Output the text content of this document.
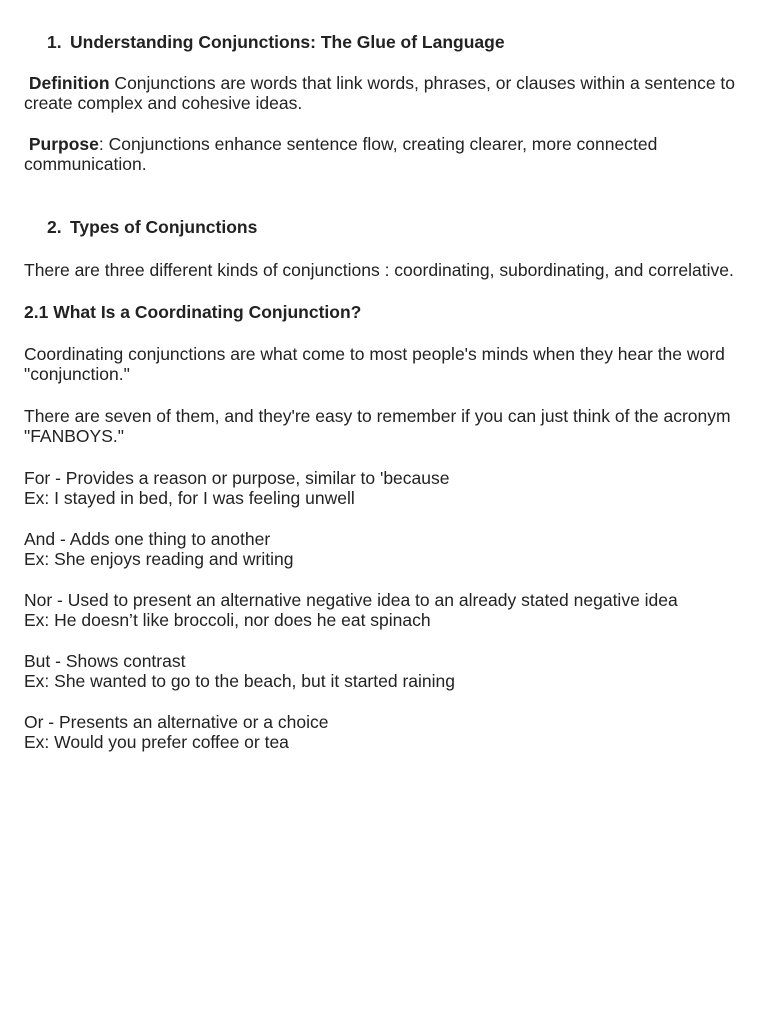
1. Understanding Conjunctions: The Glue of Language

Definition Conjunctions are words that link words, phrases, or clauses within a sentence to create complex and cohesive ideas.

Purpose: Conjunctions enhance sentence flow, creating clearer, more connected communication.

2. Types of Conjunctions

There are three different kinds of conjunctions : coordinating, subordinating, and correlative.

2.1 What Is a Coordinating Conjunction?

Coordinating conjunctions are what come to most people's minds when they hear the word "conjunction."

There are seven of them, and they're easy to remember if you can just think of the acronym "FANBOYS."

For - Provides a reason or purpose, similar to 'because
Ex: I stayed in bed, for I was feeling unwell
And - Adds one thing to another
Ex: She enjoys reading and writing
Nor - Used to present an alternative negative idea to an already stated negative idea
Ex: He doesn’t like broccoli, nor does he eat spinach
But - Shows contrast
Ex: She wanted to go to the beach, but it started raining
Or - Presents an alternative or a choice
Ex: Would you prefer coffee or tea
